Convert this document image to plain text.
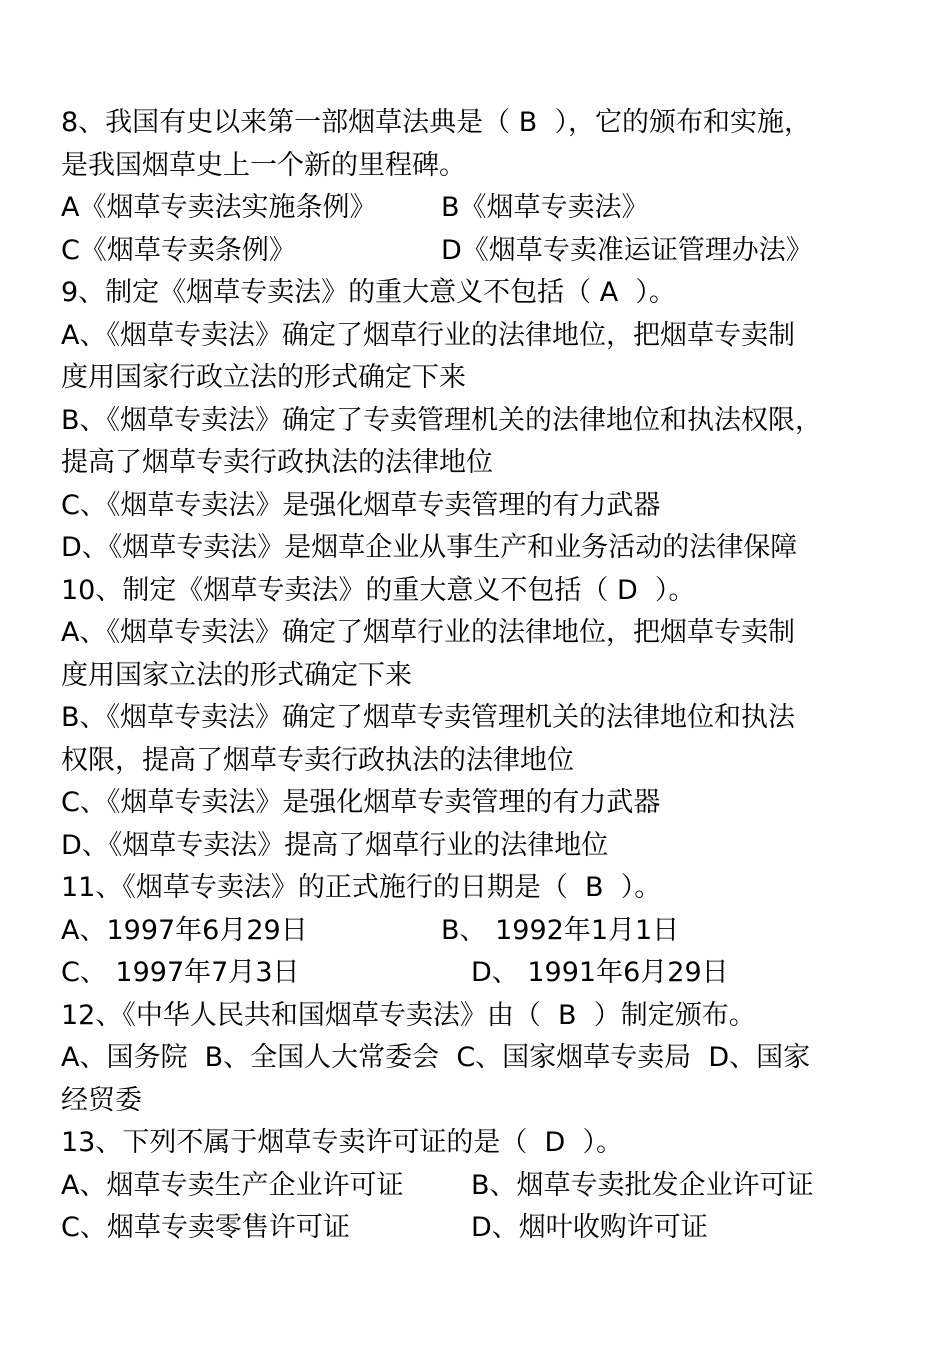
8、我国有史以来第一部烟草法典是（ B  ），它的颁布和实施，
是我国烟草史上一个新的里程碑。
A《烟草专卖法实施条例》	B《烟草专卖法》
C《烟草专卖条例》	D《烟草专卖准运证管理办法》
9、制定《烟草专卖法》的重大意义不包括（ A  ）。
A、《烟草专卖法》确定了烟草行业的法律地位，把烟草专卖制
度用国家行政立法的形式确定下来
B、《烟草专卖法》确定了专卖管理机关的法律地位和执法权限，
提高了烟草专卖行政执法的法律地位
C、《烟草专卖法》是强化烟草专卖管理的有力武器
D、《烟草专卖法》是烟草企业从事生产和业务活动的法律保障
10、制定《烟草专卖法》的重大意义不包括（ D  ）。
A、《烟草专卖法》确定了烟草行业的法律地位，把烟草专卖制
度用国家立法的形式确定下来
B、《烟草专卖法》确定了烟草专卖管理机关的法律地位和执法
权限，提高了烟草专卖行政执法的法律地位
C、《烟草专卖法》是强化烟草专卖管理的有力武器
D、《烟草专卖法》提高了烟草行业的法律地位
11、《烟草专卖法》的正式施行的日期是（  B  ）。
A、1997年6月29日	B、 1992年1月1日
C、 1997年7月3日	D、 1991年6月29日
12、《中华人民共和国烟草专卖法》由（  B  ）制定颁布。
A、国务院  B、全国人大常委会  C、国家烟草专卖局  D、国家
经贸委
13、下列不属于烟草专卖许可证的是（  D  ）。
A、烟草专卖生产企业许可证	B、烟草专卖批发企业许可证
C、烟草专卖零售许可证	D、烟叶收购许可证
